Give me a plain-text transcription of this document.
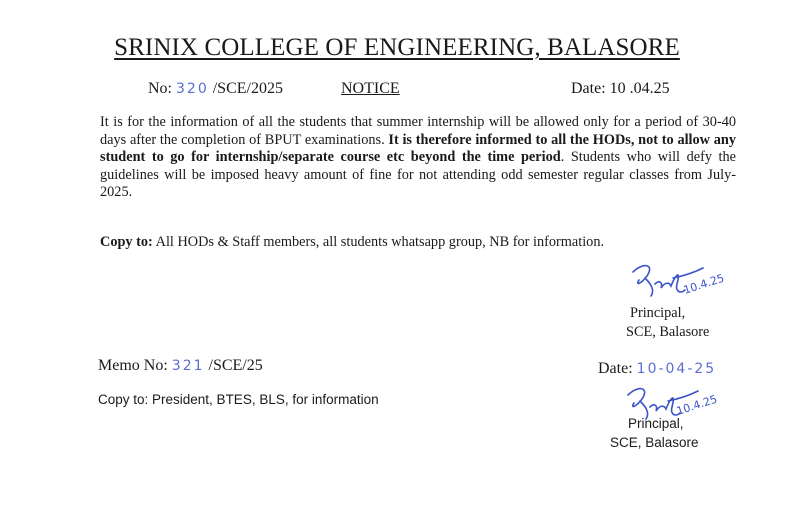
SRINIX COLLEGE OF ENGINEERING, BALASORE
No: 320 /SCE/2025	NOTICE	Date: 10 .04.25
It is for the information of all the students that summer internship will be allowed only for a period of 30-40 days after the completion of BPUT examinations. It is therefore informed to all the HODs, not to allow any student to go for internship/separate course etc beyond the time period. Students who will defy the guidelines will be imposed heavy amount of fine for not attending odd semester regular classes from July-2025.
Copy to: All HODs & Staff members, all students whatsapp group, NB for information.
10.4.25
Principal,
SCE, Balasore
Memo No: 321 /SCE/25	Date: 10-04-25
Copy to: President, BTES, BLS, for information	10.4.25
Principal,
SCE, Balasore
